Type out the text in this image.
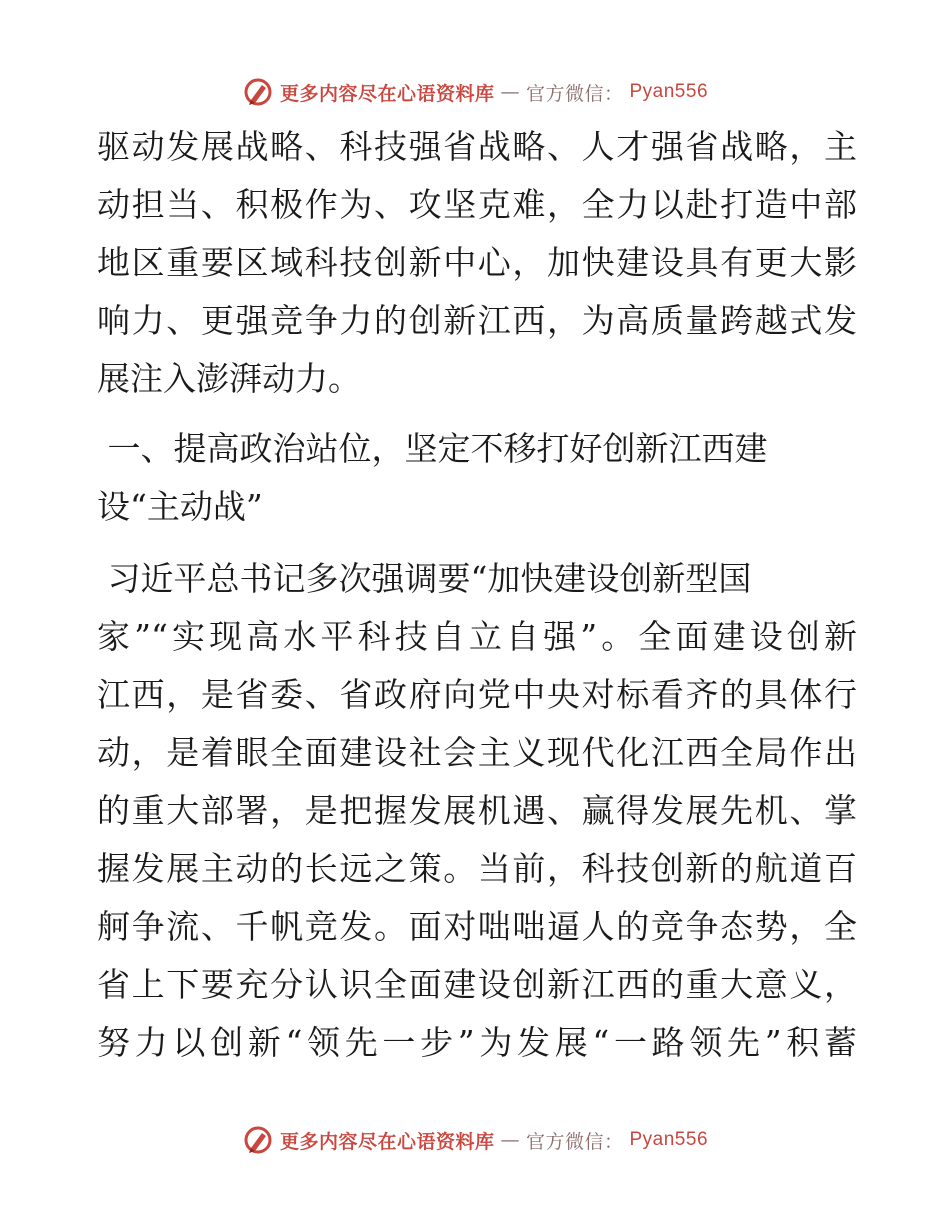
更多内容尽在心语资料库 — 官方微信： Pyan556
驱动发展战略、科技强省战略、人才强省战略，主
动担当、积极作为、攻坚克难，全力以赴打造中部
地区重要区域科技创新中心，加快建设具有更大影
响力、更强竞争力的创新江西，为高质量跨越式发
展注入澎湃动力。
一、提高政治站位，坚定不移打好创新江西建
设“主动战”
习近平总书记多次强调要“加快建设创新型国
家”“实现高水平科技自立自强”。全面建设创新
江西，是省委、省政府向党中央对标看齐的具体行
动，是着眼全面建设社会主义现代化江西全局作出
的重大部署，是把握发展机遇、赢得发展先机、掌
握发展主动的长远之策。当前，科技创新的航道百
舸争流、千帆竞发。面对咄咄逼人的竞争态势，全
省上下要充分认识全面建设创新江西的重大意义，
努力以创新“领先一步”为发展“一路领先”积蓄
更多内容尽在心语资料库 — 官方微信： Pyan556
